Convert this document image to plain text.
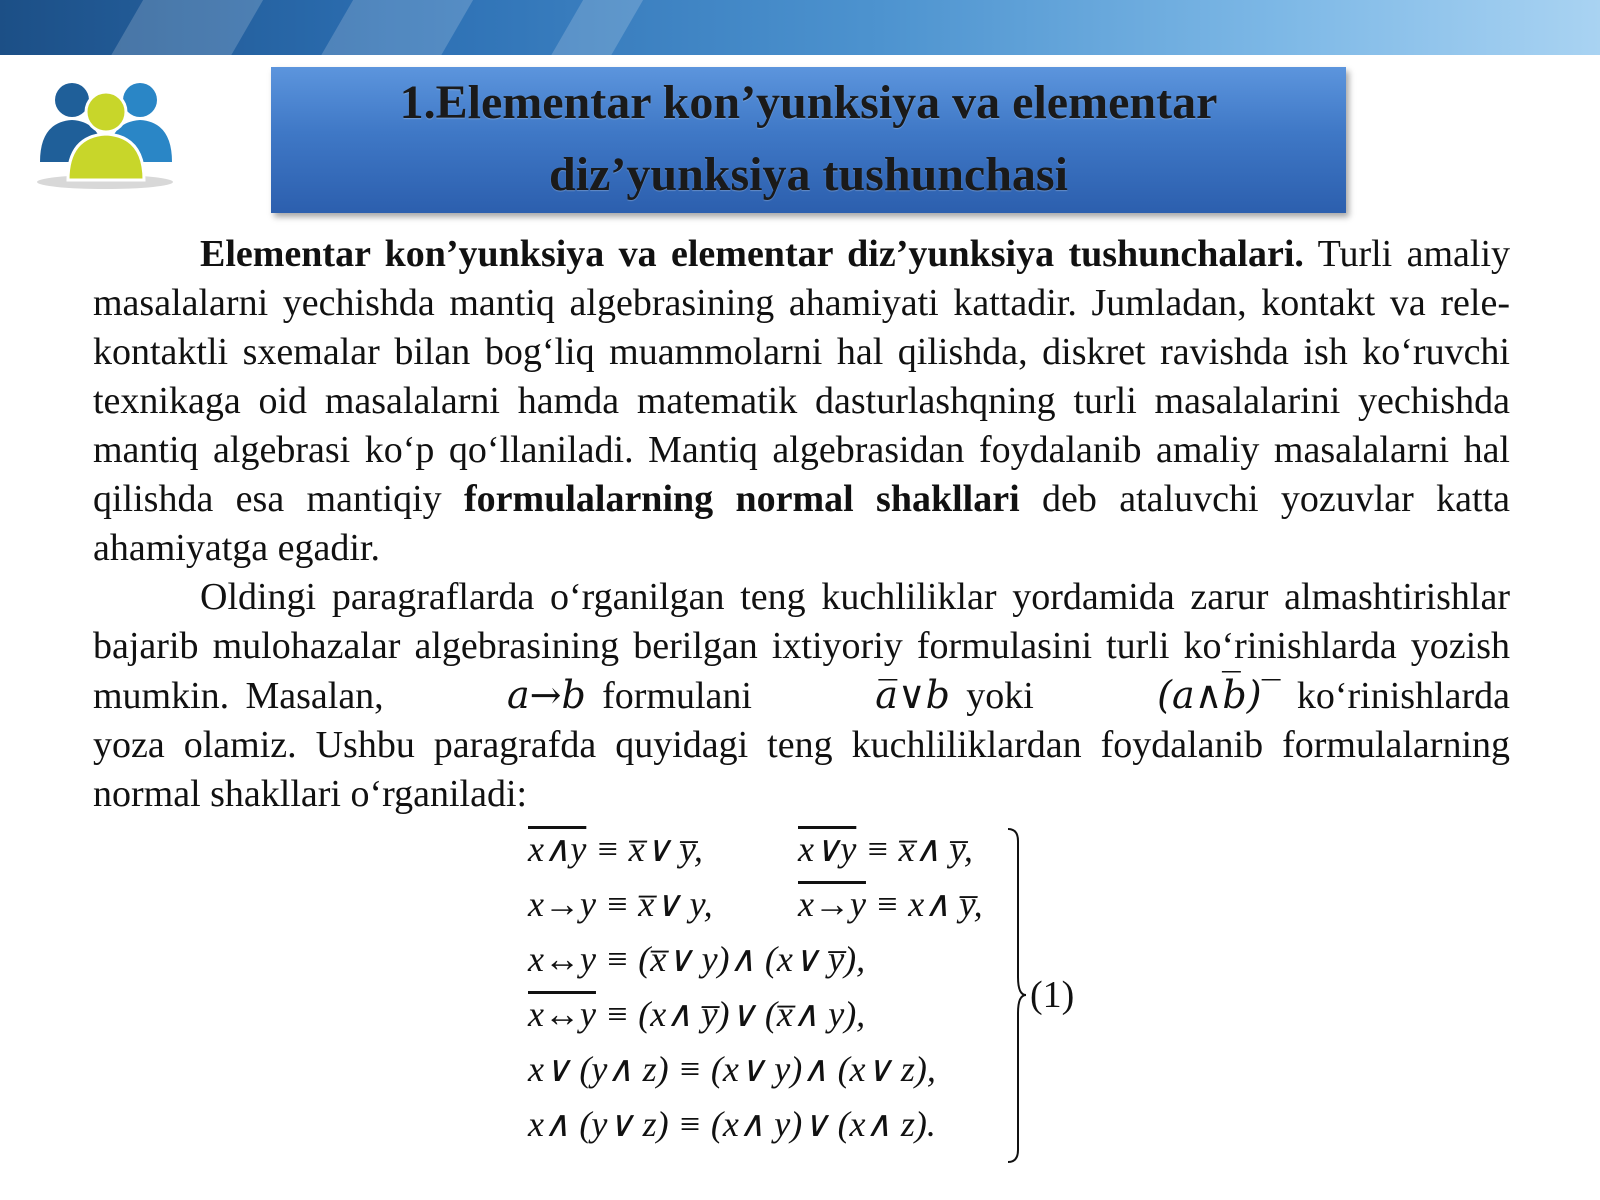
1.Elementar kon’yunksiya va elementar
diz’yunksiya tushunchasi

Elementar kon’yunksiya va elementar diz’yunksiya tushunchalari. Turli amaliy masalalarni yechishda mantiq algebrasining ahamiyati kattadir. Jumladan, kontakt va rele-kontaktli sxemalar bilan bog‘liq muammolarni hal qilishda, diskret ravishda ish ko‘ruvchi texnikaga oid masalalarni hamda matematik dasturlashqning turli masalalarini yechishda mantiq algebrasi ko‘p qo‘llaniladi. Mantiq algebrasidan foydalanib amaliy masalalarni hal qilishda esa mantiqiy formulalarning normal shakllari deb ataluvchi yozuvlar katta ahamiyatga egadir.

Oldingi paragraflarda o‘rganilgan teng kuchliliklar yordamida zarur almashtirishlar bajarib mulohazalar algebrasining berilgan ixtiyoriy formulasini turli ko‘rinishlarda yozish mumkin. Masalan,	a→b formulani	a̅∨b yoki	(a∧b̅)‾ ko‘rinishlarda yoza olamiz. Ushbu paragrafda quyidagi teng kuchliliklardan foydalanib formulalarning normal shakllari o‘rganiladi:

x∧y ≡ x̅∨ y̅,	x∨y ≡ x̅∧ y̅,
x→y ≡ x̅∨ y, x→y ≡ x∧ y̅,
x↔y ≡ (x̅∨ y)∧ (x∨ y̅),
x↔y ≡ (x∧ y̅)∨ (x̅∧ y),
x∨ (y∧ z) ≡ (x∨ y)∧ (x∨ z),
x∧ (y∨ z) ≡ (x∧ y)∨ (x∧ z).
(1)
